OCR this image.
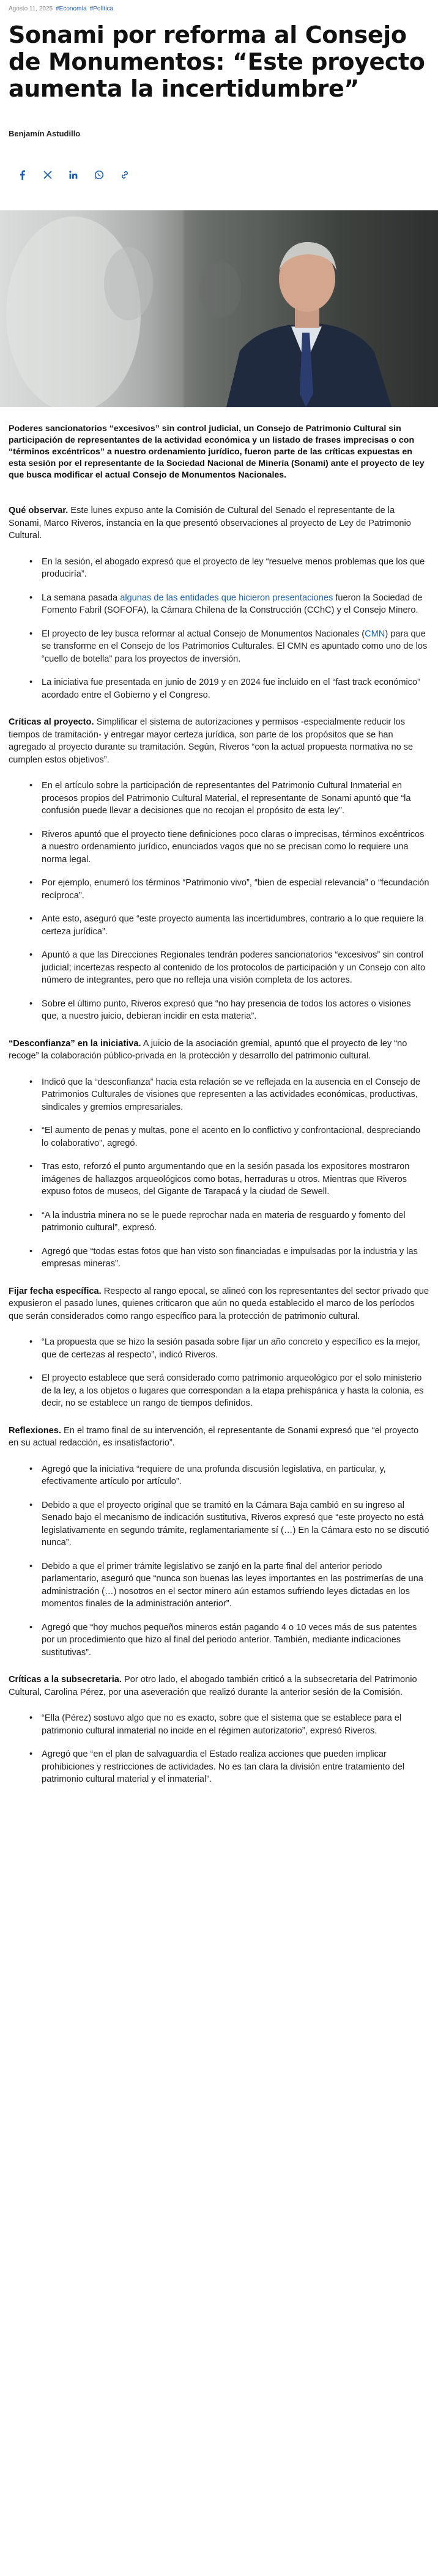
Agosto 11, 2025 #Economía #Política
Sonami por reforma al Consejo de Monumentos: “Este proyecto aumenta la incertidumbre”
Benjamín Astudillo

Poderes sancionatorios “excesivos” sin control judicial, un Consejo de Patrimonio Cultural sin participación de representantes de la actividad económica y un listado de frases imprecisas o con “términos excéntricos” a nuestro ordenamiento jurídico, fueron parte de las críticas expuestas en esta sesión por el representante de la Sociedad Nacional de Minería (Sonami) ante el proyecto de ley que busca modificar el actual Consejo de Monumentos Nacionales.

Qué observar. Este lunes expuso ante la Comisión de Cultural del Senado el representante de la Sonami, Marco Riveros, instancia en la que presentó observaciones al proyecto de Ley de Patrimonio Cultural.

• En la sesión, el abogado expresó que el proyecto de ley “resuelve menos problemas que los que produciría”.
• La semana pasada algunas de las entidades que hicieron presentaciones fueron la Sociedad de Fomento Fabril (SOFOFA), la Cámara Chilena de la Construcción (CChC) y el Consejo Minero.
• El proyecto de ley busca reformar al actual Consejo de Monumentos Nacionales (CMN) para que se transforme en el Consejo de los Patrimonios Culturales. El CMN es apuntado como uno de los “cuello de botella” para los proyectos de inversión.
• La iniciativa fue presentada en junio de 2019 y en 2024 fue incluido en el “fast track económico” acordado entre el Gobierno y el Congreso.

Críticas al proyecto. Simplificar el sistema de autorizaciones y permisos -especialmente reducir los tiempos de tramitación- y entregar mayor certeza jurídica, son parte de los propósitos que se han agregado al proyecto durante su tramitación. Según, Riveros “con la actual propuesta normativa no se cumplen estos objetivos”.

• En el artículo sobre la participación de representantes del Patrimonio Cultural Inmaterial en procesos propios del Patrimonio Cultural Material, el representante de Sonami apuntó que “la confusión puede llevar a decisiones que no recojan el propósito de esta ley”.
• Riveros apuntó que el proyecto tiene definiciones poco claras o imprecisas, términos excéntricos a nuestro ordenamiento jurídico, enunciados vagos que no se precisan como lo requiere una norma legal.
• Por ejemplo, enumeró los términos “Patrimonio vivo”, “bien de especial relevancia” o “fecundación recíproca”.
• Ante esto, aseguró que “este proyecto aumenta las incertidumbres, contrario a lo que requiere la certeza jurídica”.
• Apuntó a que las Direcciones Regionales tendrán poderes sancionatorios “excesivos” sin control judicial; incertezas respecto al contenido de los protocolos de participación y un Consejo con alto número de integrantes, pero que no refleja una visión completa de los actores.
• Sobre el último punto, Riveros expresó que “no hay presencia de todos los actores o visiones que, a nuestro juicio, debieran incidir en esta materia”.

“Desconfianza” en la iniciativa. A juicio de la asociación gremial, apuntó que el proyecto de ley “no recoge” la colaboración público-privada en la protección y desarrollo del patrimonio cultural.

• Indicó que la “desconfianza” hacia esta relación se ve reflejada en la ausencia en el Consejo de Patrimonios Culturales de visiones que representen a las actividades económicas, productivas, sindicales y gremios empresariales.
• “El aumento de penas y multas, pone el acento en lo conflictivo y confrontacional, despreciando lo colaborativo”, agregó.
• Tras esto, reforzó el punto argumentando que en la sesión pasada los expositores mostraron imágenes de hallazgos arqueológicos como botas, herraduras u otros. Mientras que Riveros expuso fotos de museos, del Gigante de Tarapacá y la ciudad de Sewell.
• “A la industria minera no se le puede reprochar nada en materia de resguardo y fomento del patrimonio cultural”, expresó.
• Agregó que “todas estas fotos que han visto son financiadas e impulsadas por la industria y las empresas mineras”.

Fijar fecha específica. Respecto al rango epocal, se alineó con los representantes del sector privado que expusieron el pasado lunes, quienes criticaron que aún no queda establecido el marco de los períodos que serán considerados como rango específico para la protección de patrimonio cultural.

• “La propuesta que se hizo la sesión pasada sobre fijar un año concreto y específico es la mejor, que de certezas al respecto”, indicó Riveros.
• El proyecto establece que será considerado como patrimonio arqueológico por el solo ministerio de la ley, a los objetos o lugares que correspondan a la etapa prehispánica y hasta la colonia, es decir, no se establece un rango de tiempos definidos.

Reflexiones. En el tramo final de su intervención, el representante de Sonami expresó que “el proyecto en su actual redacción, es insatisfactorio”.

• Agregó que la iniciativa “requiere de una profunda discusión legislativa, en particular, y, efectivamente artículo por artículo”.
• Debido a que el proyecto original que se tramitó en la Cámara Baja cambió en su ingreso al Senado bajo el mecanismo de indicación sustitutiva, Riveros expresó que “este proyecto no está legislativamente en segundo trámite, reglamentariamente sí (…) En la Cámara esto no se discutió nunca”.
• Debido a que el primer trámite legislativo se zanjó en la parte final del anterior periodo parlamentario, aseguró que “nunca son buenas las leyes importantes en las postrimerías de una administración (…) nosotros en el sector minero aún estamos sufriendo leyes dictadas en los momentos finales de la administración anterior”.
• Agregó que “hoy muchos pequeños mineros están pagando 4 o 10 veces más de sus patentes por un procedimiento que hizo al final del periodo anterior. También, mediante indicaciones sustitutivas”.

Críticas a la subsecretaria. Por otro lado, el abogado también criticó a la subsecretaria del Patrimonio Cultural, Carolina Pérez, por una aseveración que realizó durante la anterior sesión de la Comisión.

• “Ella (Pérez) sostuvo algo que no es exacto, sobre que el sistema que se establece para el patrimonio cultural inmaterial no incide en el régimen autorizatorio”, expresó Riveros.
• Agregó que “en el plan de salvaguardia el Estado realiza acciones que pueden implicar prohibiciones y restricciones de actividades. No es tan clara la división entre tratamiento del patrimonio cultural material y el inmaterial”.
